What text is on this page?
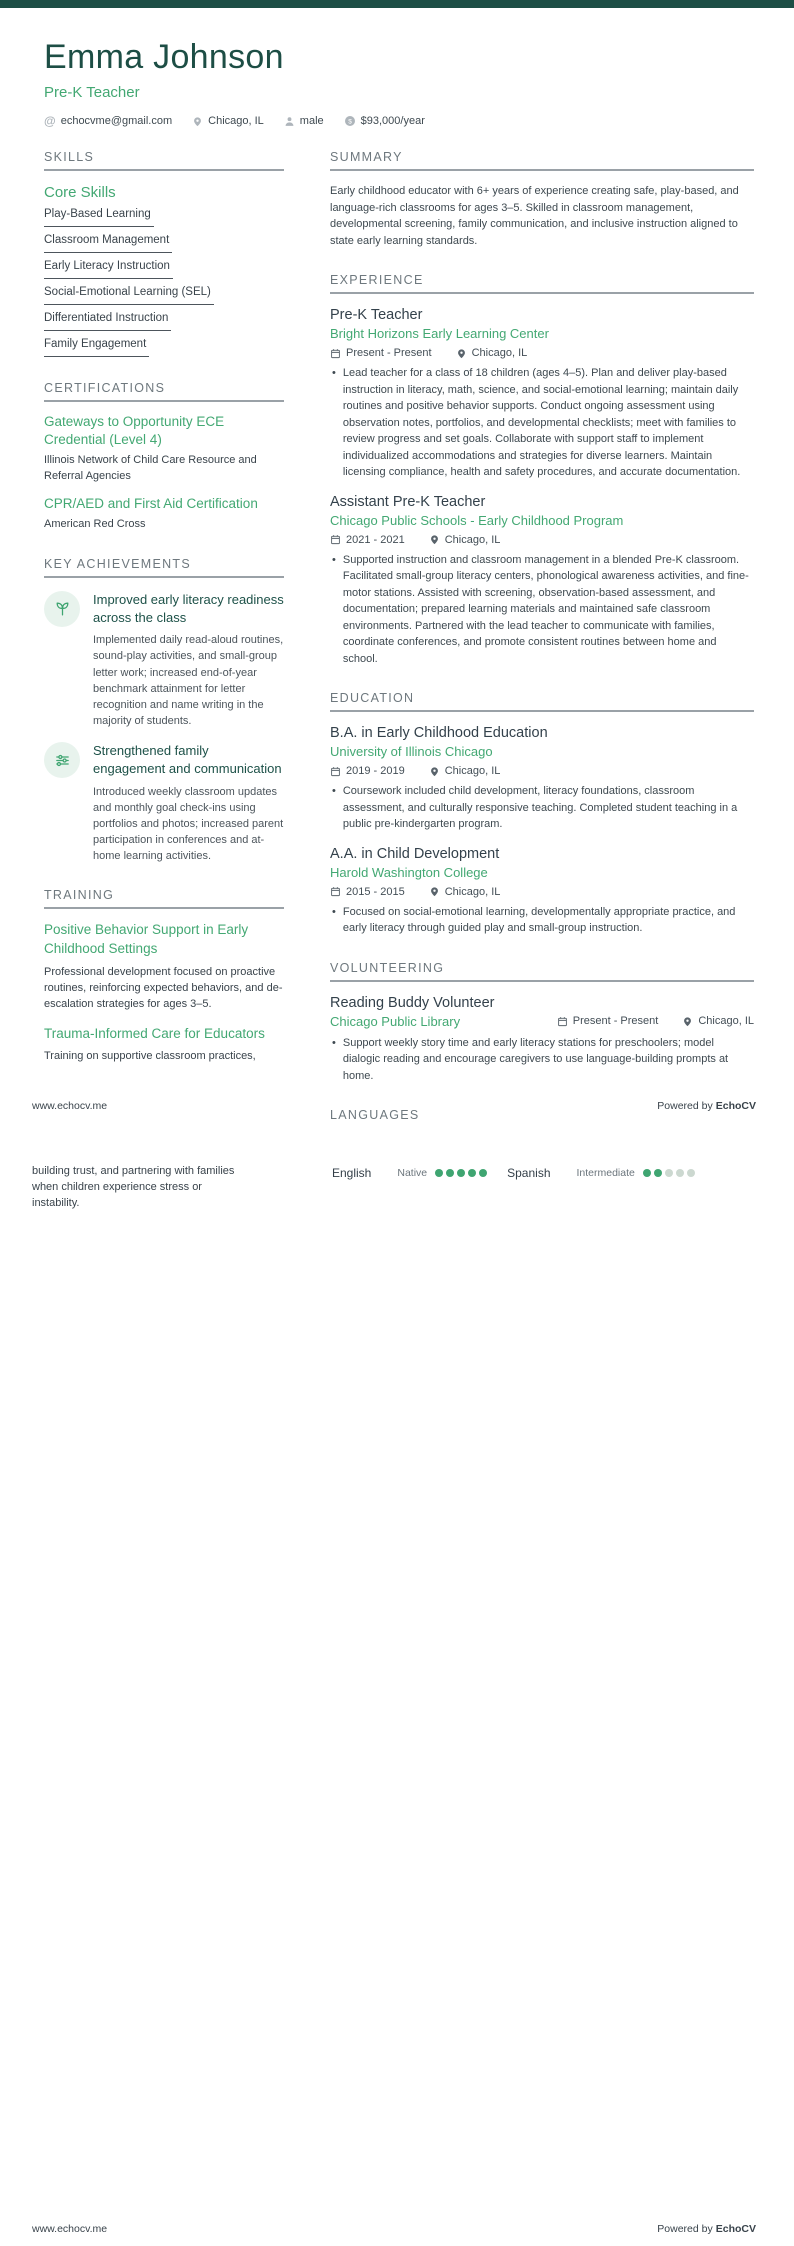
Emma Johnson
Pre-K Teacher
@ echocvme@gmail.com	Chicago, IL	male $ $93,000/year
SKILLS
Core Skills
Play-Based Learning
Classroom Management
Early Literacy Instruction
Social-Emotional Learning (SEL)
Differentiated Instruction
Family Engagement
CERTIFICATIONS
Gateways to Opportunity ECE Credential (Level 4)
Illinois Network of Child Care Resource and Referral Agencies
CPR/AED and First Aid Certification
American Red Cross
KEY ACHIEVEMENTS
Improved early literacy readiness across the class
Implemented daily read-aloud routines, sound-play activities, and small-group letter work; increased end-of-year benchmark attainment for letter recognition and name writing in the majority of students.
Strengthened family engagement and communication
Introduced weekly classroom updates and monthly goal check-ins using portfolios and photos; increased parent participation in conferences and at-home learning activities.
TRAINING
Positive Behavior Support in Early Childhood Settings
Professional development focused on proactive routines, reinforcing expected behaviors, and de-escalation strategies for ages 3–5.
Trauma-Informed Care for Educators
Training on supportive classroom practices,
SUMMARY
Early childhood educator with 6+ years of experience creating safe, play-based, and language-rich classrooms for ages 3–5. Skilled in classroom management, developmental screening, family communication, and inclusive instruction aligned to state early learning standards.
EXPERIENCE
Pre-K Teacher
Bright Horizons Early Learning Center
Present - Present	Chicago, IL
• Lead teacher for a class of 18 children (ages 4–5). Plan and deliver play-based instruction in literacy, math, science, and social-emotional learning; maintain daily routines and positive behavior supports. Conduct ongoing assessment using observation notes, portfolios, and developmental checklists; meet with families to review progress and set goals. Collaborate with support staff to implement individualized accommodations and strategies for diverse learners. Maintain licensing compliance, health and safety procedures, and accurate documentation.
Assistant Pre-K Teacher
Chicago Public Schools - Early Childhood Program
2021 - 2021	Chicago, IL
• Supported instruction and classroom management in a blended Pre-K classroom. Facilitated small-group literacy centers, phonological awareness activities, and fine-motor stations. Assisted with screening, observation-based assessment, and documentation; prepared learning materials and maintained safe classroom environments. Partnered with the lead teacher to communicate with families, coordinate conferences, and promote consistent routines between home and school.
EDUCATION
B.A. in Early Childhood Education
University of Illinois Chicago
2019 - 2019	Chicago, IL
• Coursework included child development, literacy foundations, classroom assessment, and culturally responsive teaching. Completed student teaching in a public pre-kindergarten program.
A.A. in Child Development
Harold Washington College
2015 - 2015	Chicago, IL
• Focused on social-emotional learning, developmentally appropriate practice, and early literacy through guided play and small-group instruction.
VOLUNTEERING
Reading Buddy Volunteer
Chicago Public Library	Present - Present	Chicago, IL
• Support weekly story time and early literacy stations for preschoolers; model dialogic reading and encourage caregivers to use language-building prompts at home.
LANGUAGES
www.echocv.me	Powered by EchoCV
building trust, and partnering with families when children experience stress or instability.
English Native	Spanish Intermediate
www.echocv.me	Powered by EchoCV
